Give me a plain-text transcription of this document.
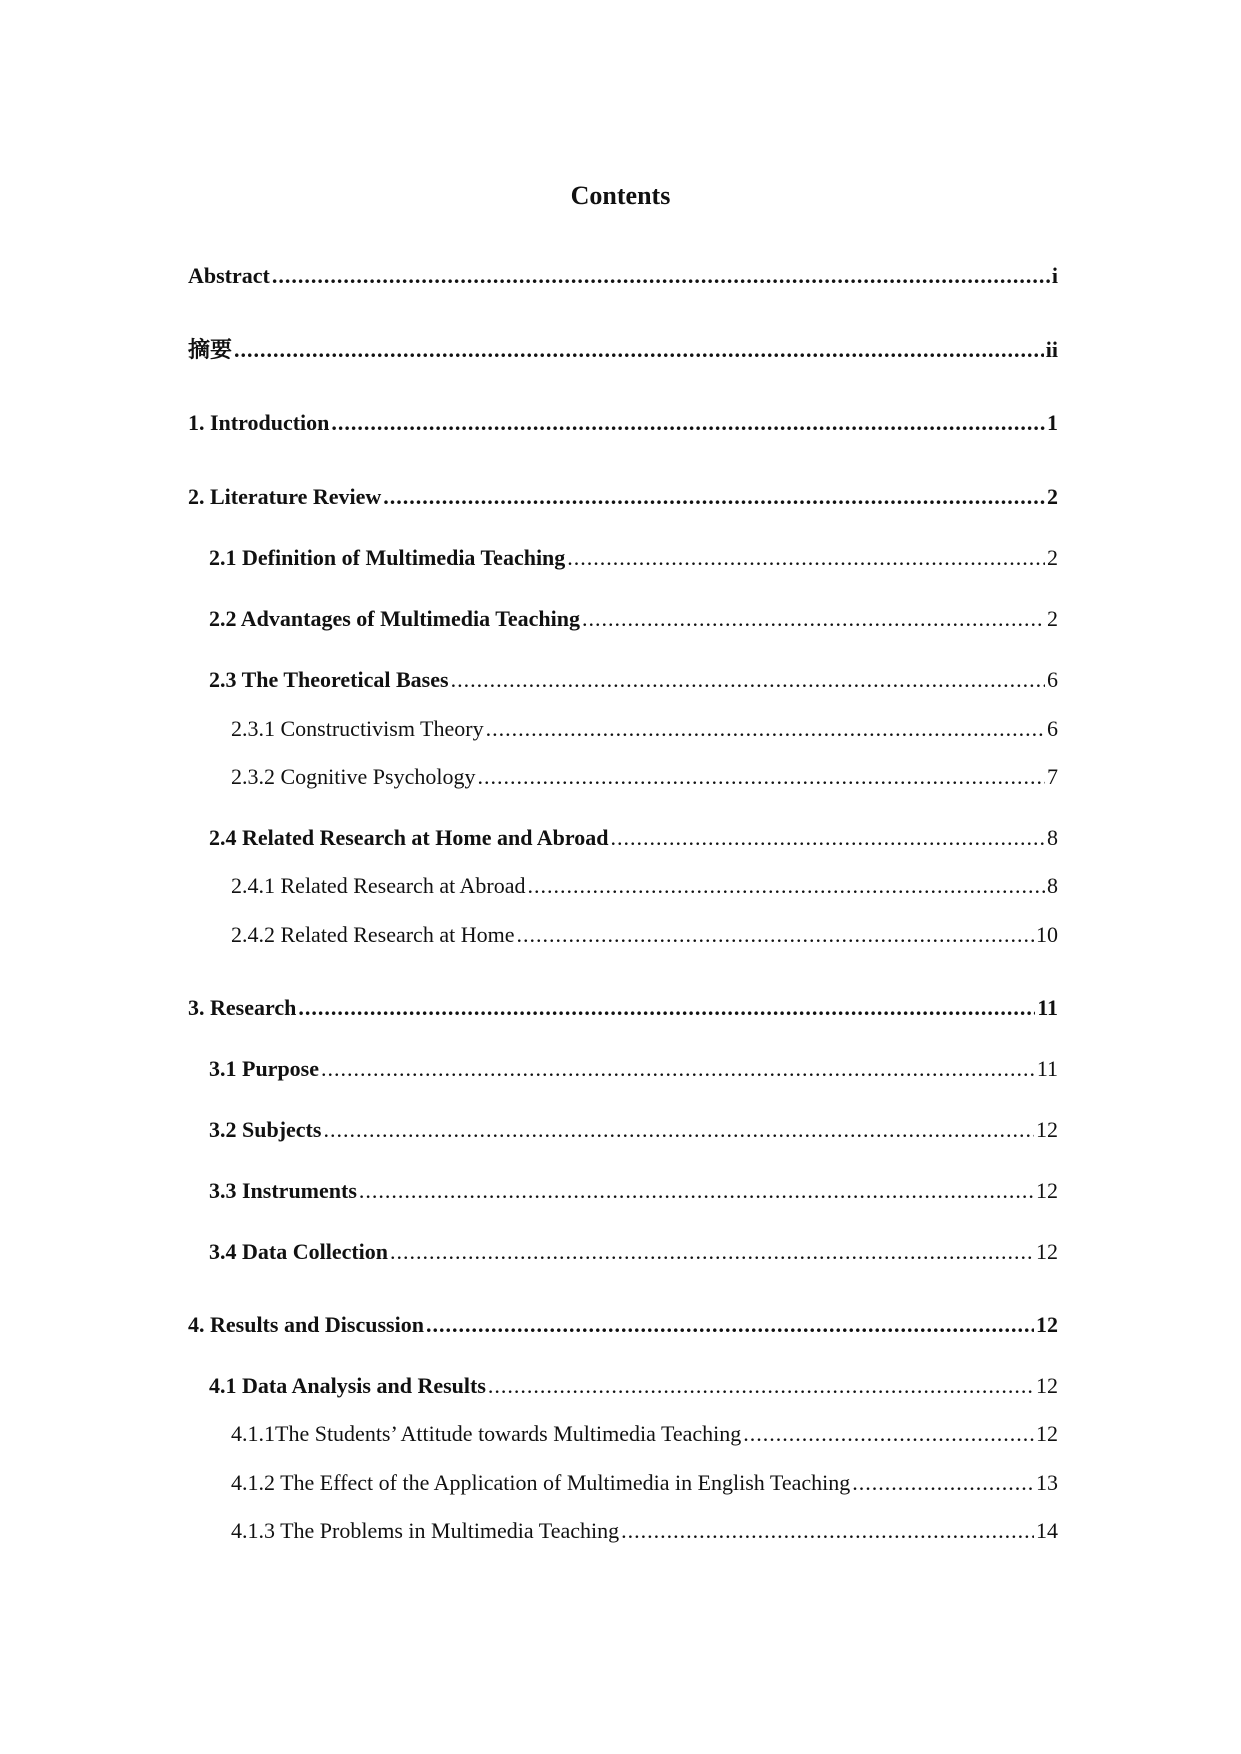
Contents
Abstract .....	i
摘要 .....	ii
1. Introduction .....	1
2. Literature Review .....	2
2.1 Definition of Multimedia Teaching .....	2
2.2 Advantages of Multimedia Teaching .....	2
2.3 The Theoretical Bases .....	6
2.3.1 Constructivism Theory .....	6
2.3.2 Cognitive Psychology .....	7
2.4 Related Research at Home and Abroad .....	8
2.4.1 Related Research at Abroad .....	8
2.4.2 Related Research at Home .....	10
3. Research .....	11
3.1 Purpose .....	11
3.2 Subjects .....	12
3.3 Instruments .....	12
3.4 Data Collection .....	12
4. Results and Discussion .....	12
4.1 Data Analysis and Results .....	12
4.1.1The Students’ Attitude towards Multimedia Teaching .....	12
4.1.2 The Effect of the Application of Multimedia in English Teaching .....	13
4.1.3 The Problems in Multimedia Teaching .....	14
